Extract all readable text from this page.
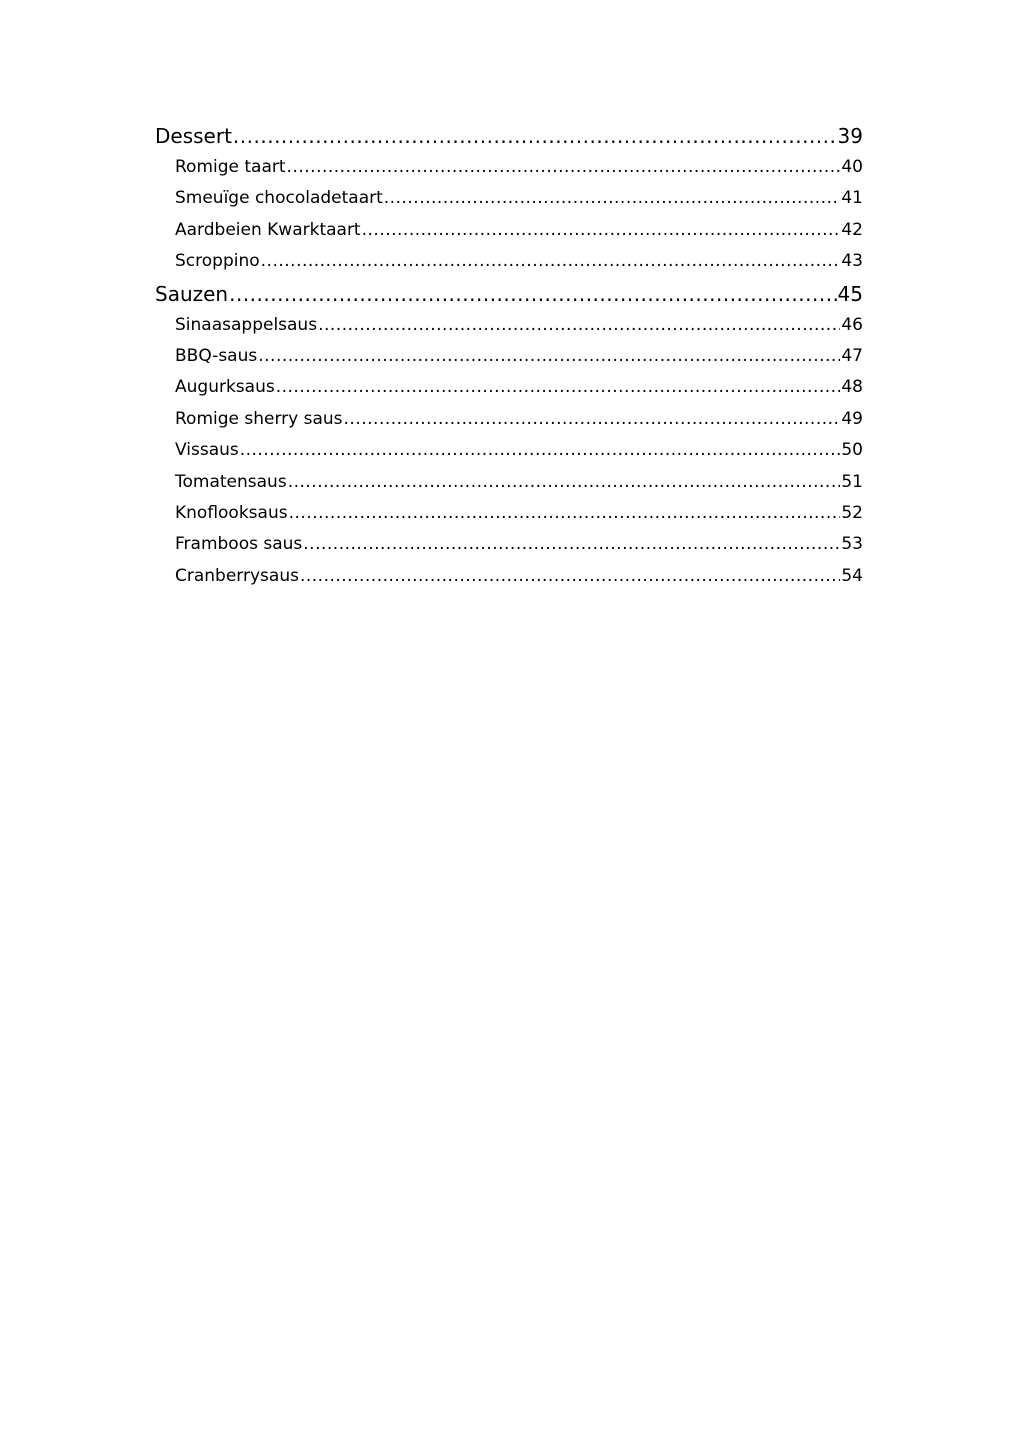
Dessert .....	39
Romige taart .....	40
Smeuïge chocoladetaart .....	41
Aardbeien Kwarktaart .....	42
Scroppino .....	43
Sauzen .....	45
Sinaasappelsaus .....	46
BBQ-saus .....	47
Augurksaus .....	48
Romige sherry saus .....	49
Vissaus .....	50
Tomatensaus .....	51
Knoflooksaus .....	52
Framboos saus .....	53
Cranberrysaus .....	54
